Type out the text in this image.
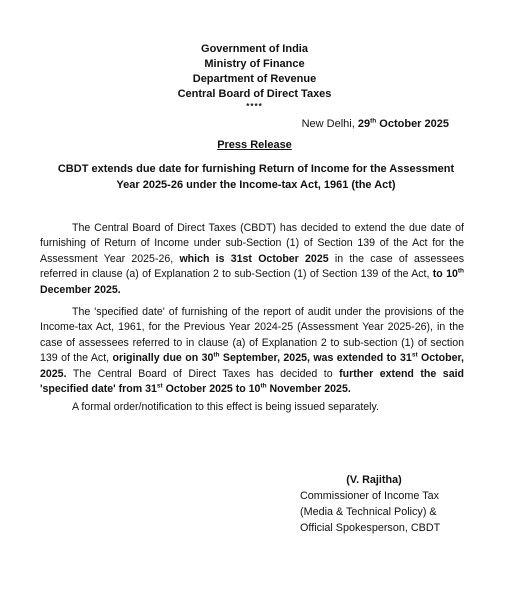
Government of India
Ministry of Finance
Department of Revenue
Central Board of Direct Taxes
****
New Delhi, 29th October 2025
Press Release
CBDT extends due date for furnishing Return of Income for the Assessment Year 2025-26 under the Income-tax Act, 1961 (the Act)
The Central Board of Direct Taxes (CBDT) has decided to extend the due date of furnishing of Return of Income under sub-Section (1) of Section 139 of the Act for the Assessment Year 2025-26, which is 31st October 2025 in the case of assessees referred in clause (a) of Explanation 2 to sub-Section (1) of Section 139 of the Act, to 10th December 2025.
The 'specified date' of furnishing of the report of audit under the provisions of the Income-tax Act, 1961, for the Previous Year 2024-25 (Assessment Year 2025-26), in the case of assessees referred to in clause (a) of Explanation 2 to sub-section (1) of section 139 of the Act, originally due on 30th September, 2025, was extended to 31st October, 2025. The Central Board of Direct Taxes has decided to further extend the said 'specified date' from 31st October 2025 to 10th November 2025.
A formal order/notification to this effect is being issued separately.
(V. Rajitha)
Commissioner of Income Tax
(Media & Technical Policy) &
Official Spokesperson, CBDT
